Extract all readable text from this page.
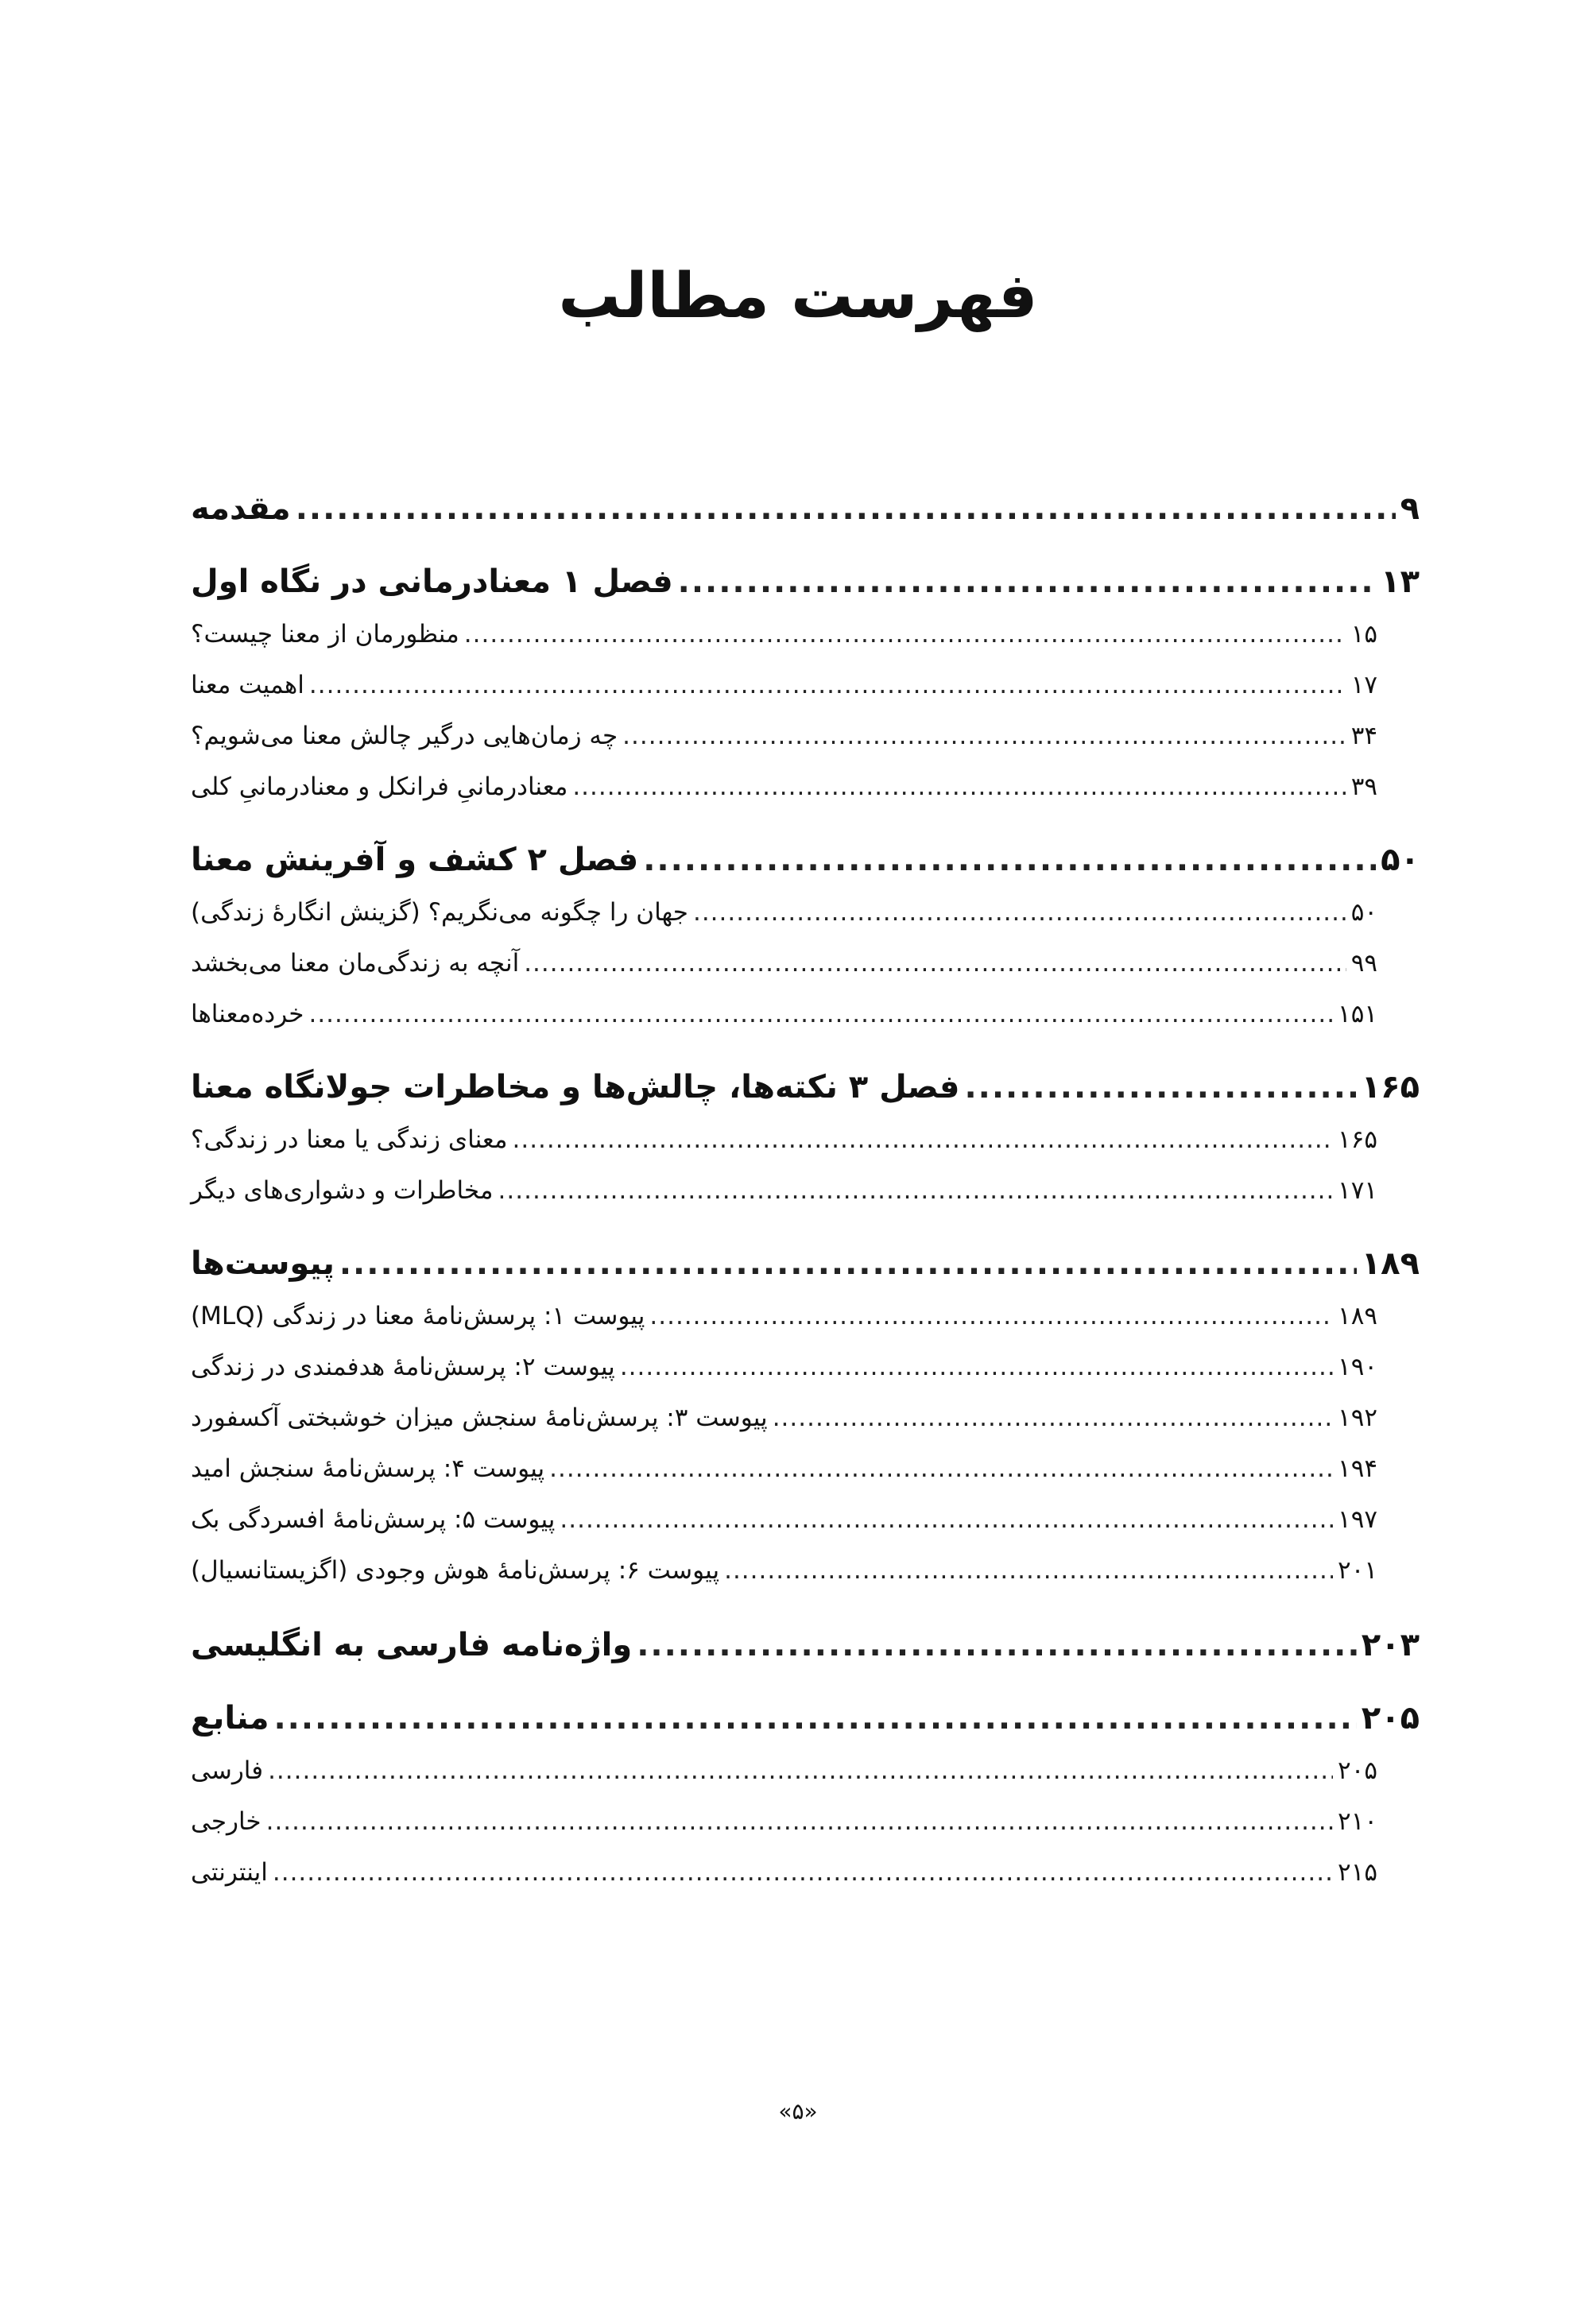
فهرست مطالب
مقدمه .....	۹
فصل ۱ معنادرمانی در نگاه اول .....	۱۳
منظورمان از معنا چیست؟ .....	۱۵
اهمیت معنا .....	۱۷
چه زمان‌هایی درگیر چالش معنا می‌شویم؟ .....	۳۴
معنادرمانیِ فرانکل و معنادرمانیِ کلی .....	۳۹
فصل ۲ کشف و آفرینش معنا .....	۵۰
جهان را چگونه می‌نگریم؟ (گزینش انگارهٔ زندگی) .....	۵۰
آنچه به زندگی‌مان معنا می‌بخشد .....	۹۹
خرده‌معناها .....	۱۵۱
فصل ۳ نکته‌ها، چالش‌ها و مخاطرات جولانگاه معنا .....	۱۶۵
معنای زندگی یا معنا در زندگی؟ .....	۱۶۵
مخاطرات و دشواری‌های دیگر .....	۱۷۱
پیوست‌ها .....	۱۸۹
پیوست ۱: پرسش‌نامهٔ معنا در زندگی (MLQ) .....	۱۸۹
پیوست ۲: پرسش‌نامهٔ هدفمندی در زندگی .....	۱۹۰
پیوست ۳: پرسش‌نامهٔ سنجش میزان خوشبختی آکسفورد .....	۱۹۲
پیوست ۴: پرسش‌نامهٔ سنجش امید .....	۱۹۴
پیوست ۵: پرسش‌نامهٔ افسردگی بک .....	۱۹۷
پیوست ۶: پرسش‌نامهٔ هوش وجودی (اگزیستانسیال) .....	۲۰۱
واژه‌نامه فارسی به انگلیسی .....	۲۰۳
منابع .....	۲۰۵
فارسی .....	۲۰۵
خارجی .....	۲۱۰
اینترنتی .....	۲۱۵
«۵»
